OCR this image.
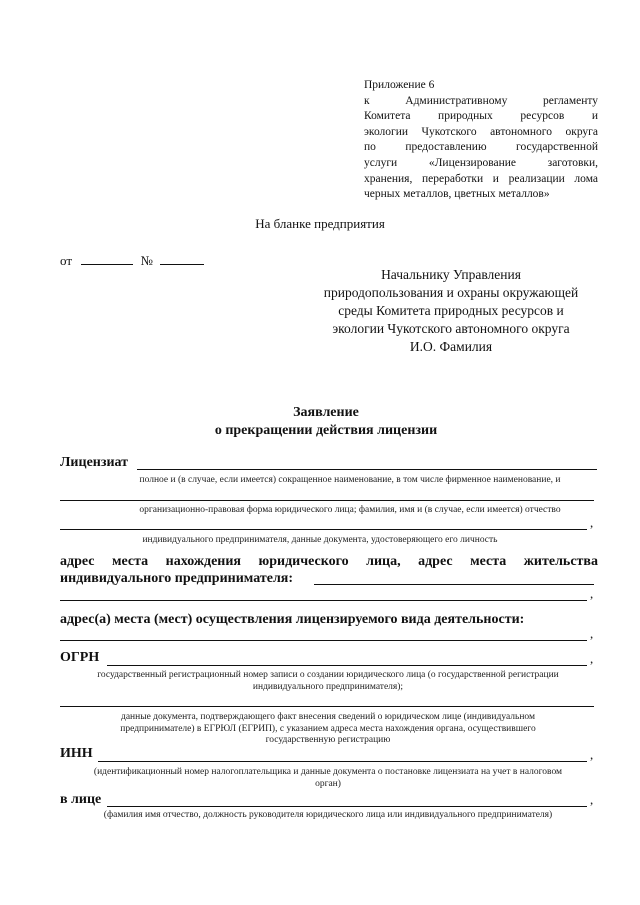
Приложение 6
к Административному регламенту
Комитета природных ресурсов и
экологии Чукотского автономного округа
по предоставлению государственной
услуги «Лицензирование заготовки,
хранения, переработки и реализации лома
черных металлов, цветных металлов»
На бланке предприятия
от	№
Начальнику Управления
природопользования и охраны окружающей
среды Комитета природных ресурсов и
экологии Чукотского автономного округа
И.О. Фамилия
Заявление
о прекращении действия лицензии
Лицензиат
полное и (в случае, если имеется) сокращенное наименование, в том числе фирменное наименование, и
организационно-правовая форма юридического лица; фамилия, имя и (в случае, если имеется) отчество
,
индивидуального предпринимателя, данные документа, удостоверяющего его личность
адрес места нахождения юридического лица, адрес места жительства
индивидуального предпринимателя:
,
адрес(а) места (мест) осуществления лицензируемого вида деятельности:
,
ОГРН	,
государственный регистрационный номер записи о создании юридического лица (о государственной регистрации
индивидуального предпринимателя);
данные документа, подтверждающего факт внесения сведений о юридическом лице (индивидуальном
предпринимателе) в ЕГРЮЛ (ЕГРИП), с указанием адреса места нахождения органа, осуществившего
государственную регистрацию
ИНН	,
(идентификационный номер налогоплательщика и данные документа о постановке лицензиата на учет в налоговом
орган)
в лице	,
(фамилия имя отчество, должность руководителя юридического лица или индивидуального предпринимателя)
